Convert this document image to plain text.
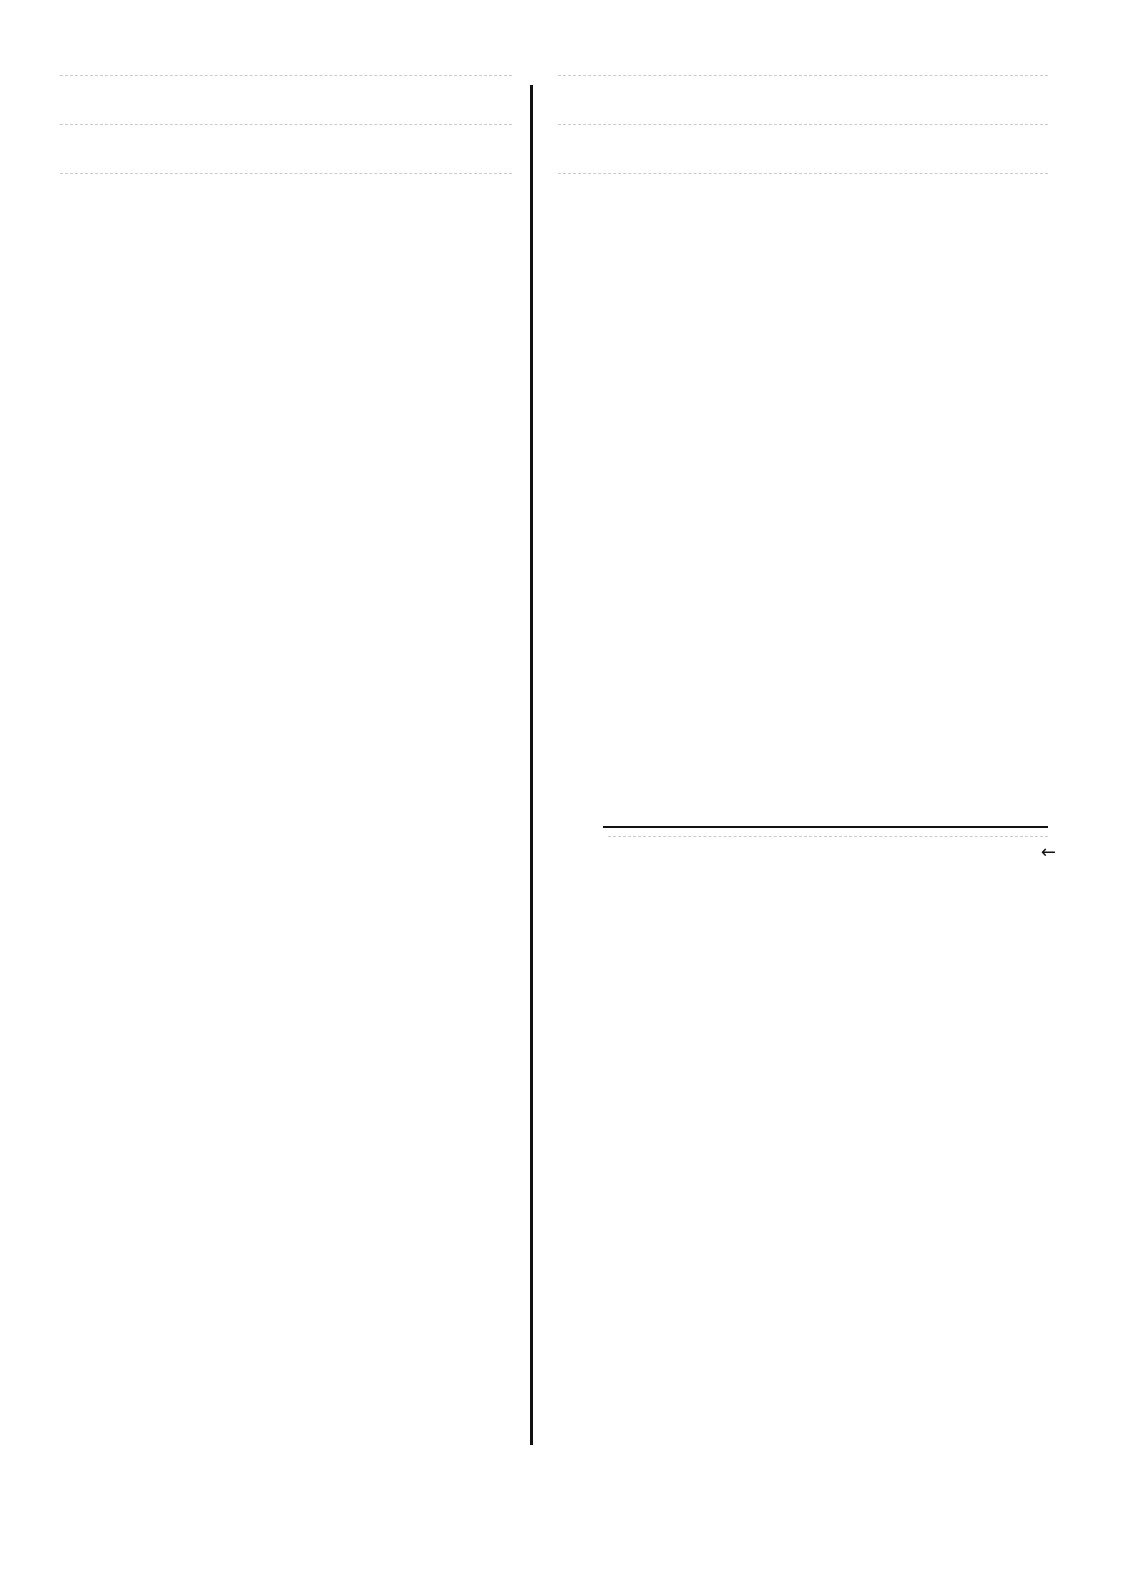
←
